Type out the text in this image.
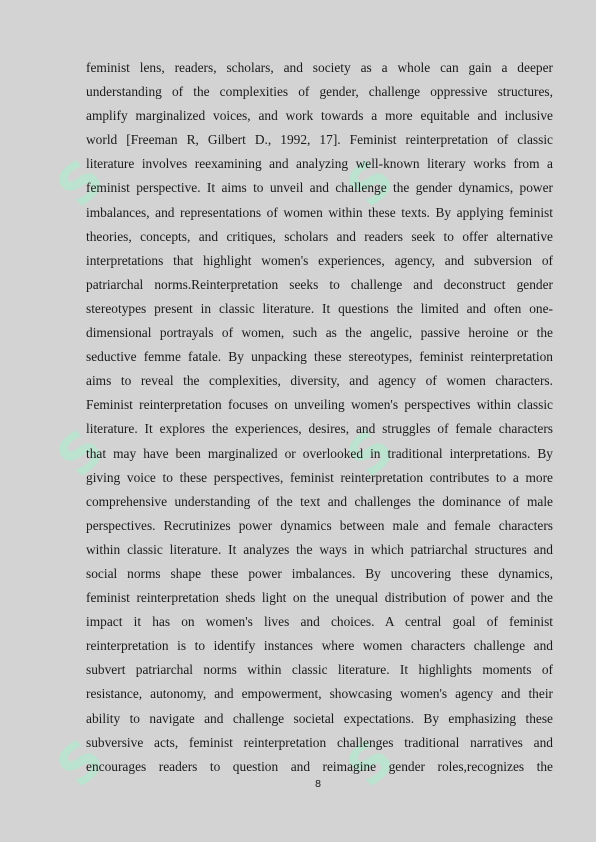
S	S
S	S
S	S
feminist lens, readers, scholars, and society as a whole can gain a deeper
understanding of the complexities of gender, challenge oppressive structures,
amplify marginalized voices, and work towards a more equitable and inclusive
world [Freeman R, Gilbert D., 1992, 17]. Feminist reinterpretation of classic
literature involves reexamining and analyzing well-known literary works from a
feminist perspective. It aims to unveil and challenge the gender dynamics, power
imbalances, and representations of women within these texts. By applying feminist
theories, concepts, and critiques, scholars and readers seek to offer alternative
interpretations that highlight women's experiences, agency, and subversion of
patriarchal norms.Reinterpretation seeks to challenge and deconstruct gender
stereotypes present in classic literature. It questions the limited and often one-
dimensional portrayals of women, such as the angelic, passive heroine or the
seductive femme fatale. By unpacking these stereotypes, feminist reinterpretation
aims to reveal the complexities, diversity, and agency of women characters.
Feminist reinterpretation focuses on unveiling women's perspectives within classic
literature. It explores the experiences, desires, and struggles of female characters
that may have been marginalized or overlooked in traditional interpretations. By
giving voice to these perspectives, feminist reinterpretation contributes to a more
comprehensive understanding of the text and challenges the dominance of male
perspectives. Recrutinizes power dynamics between male and female characters
within classic literature. It analyzes the ways in which patriarchal structures and
social norms shape these power imbalances. By uncovering these dynamics,
feminist reinterpretation sheds light on the unequal distribution of power and the
impact it has on women's lives and choices. A central goal of feminist
reinterpretation is to identify instances where women characters challenge and
subvert patriarchal norms within classic literature. It highlights moments of
resistance, autonomy, and empowerment, showcasing women's agency and their
ability to navigate and challenge societal expectations. By emphasizing these
subversive acts, feminist reinterpretation challenges traditional narratives and
encourages readers to question and reimagine gender roles,recognizes the
8
